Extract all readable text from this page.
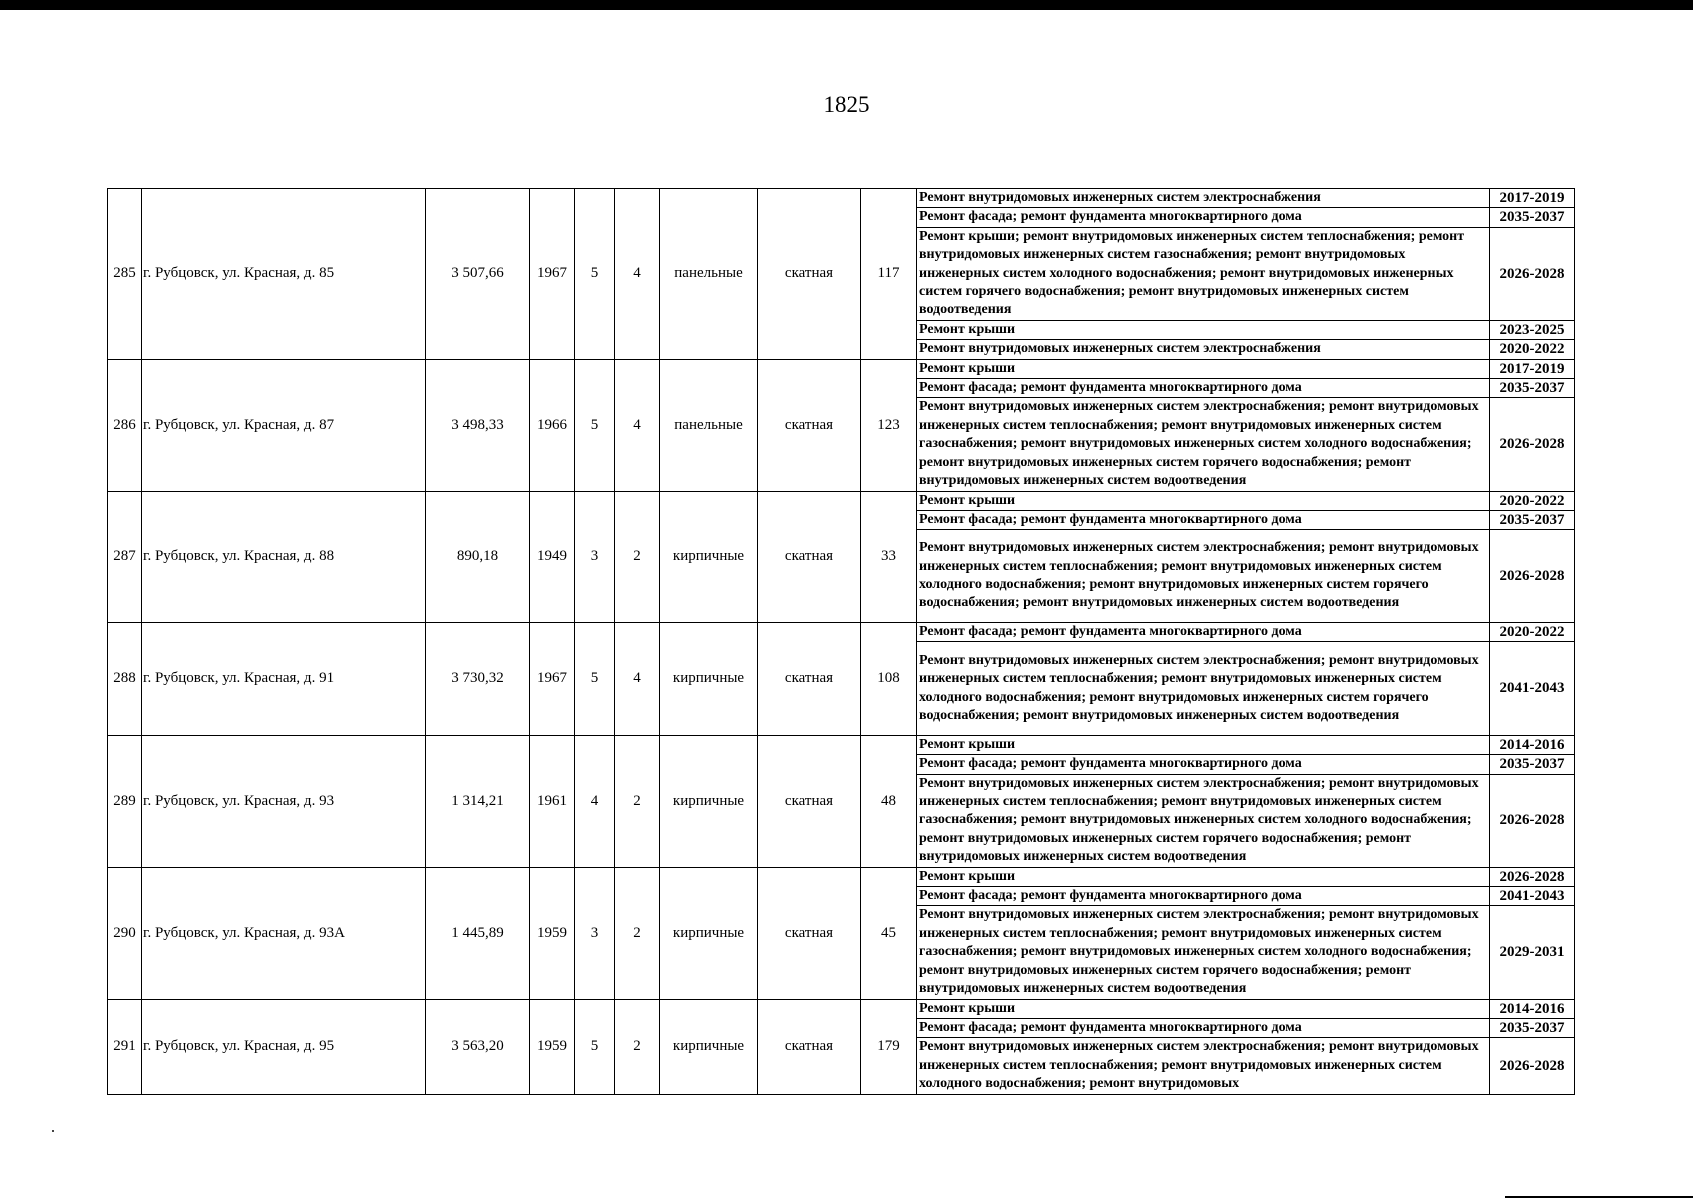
1825
285	г. Рубцовск, ул. Красная, д. 85	3 507,66	1967	5	4	панельные	скатная	117	
Ремонт внутридомовых инженерных систем электроснабжения	2017-2019
Ремонт фасада; ремонт фундамента многоквартирного дома	2035-2037
Ремонт крыши; ремонт внутридомовых инженерных систем теплоснабжения; ремонт внутридомовых инженерных систем газоснабжения; ремонт внутридомовых инженерных систем холодного водоснабжения; ремонт внутридомовых инженерных систем горячего водоснабжения; ремонт внутридомовых инженерных систем водоотведения	2026-2028
Ремонт крыши	2023-2025
Ремонт внутридомовых инженерных систем электроснабжения	2020-2022

286	г. Рубцовск, ул. Красная, д. 87	3 498,33	1966	5	4	панельные	скатная	123	
Ремонт крыши	2017-2019
Ремонт фасада; ремонт фундамента многоквартирного дома	2035-2037
Ремонт внутридомовых инженерных систем электроснабжения; ремонт внутридомовых инженерных систем теплоснабжения; ремонт внутридомовых инженерных систем газоснабжения; ремонт внутридомовых инженерных систем холодного водоснабжения; ремонт внутридомовых инженерных систем горячего водоснабжения; ремонт внутридомовых инженерных систем водоотведения	2026-2028

287	г. Рубцовск, ул. Красная, д. 88	890,18	1949	3	2	кирпичные	скатная	33	
Ремонт крыши	2020-2022
Ремонт фасада; ремонт фундамента многоквартирного дома	2035-2037
Ремонт внутридомовых инженерных систем электроснабжения; ремонт внутридомовых инженерных систем теплоснабжения; ремонт внутридомовых инженерных систем холодного водоснабжения; ремонт внутридомовых инженерных систем горячего водоснабжения; ремонт внутридомовых инженерных систем водоотведения	2026-2028

288	г. Рубцовск, ул. Красная, д. 91	3 730,32	1967	5	4	кирпичные	скатная	108	
Ремонт фасада; ремонт фундамента многоквартирного дома	2020-2022
Ремонт внутридомовых инженерных систем электроснабжения; ремонт внутридомовых инженерных систем теплоснабжения; ремонт внутридомовых инженерных систем холодного водоснабжения; ремонт внутридомовых инженерных систем горячего водоснабжения; ремонт внутридомовых инженерных систем водоотведения	2041-2043

289	г. Рубцовск, ул. Красная, д. 93	1 314,21	1961	4	2	кирпичные	скатная	48	
Ремонт крыши	2014-2016
Ремонт фасада; ремонт фундамента многоквартирного дома	2035-2037
Ремонт внутридомовых инженерных систем электроснабжения; ремонт внутридомовых инженерных систем теплоснабжения; ремонт внутридомовых инженерных систем газоснабжения; ремонт внутридомовых инженерных систем холодного водоснабжения; ремонт внутридомовых инженерных систем горячего водоснабжения; ремонт внутридомовых инженерных систем водоотведения	2026-2028

290	г. Рубцовск, ул. Красная, д. 93А	1 445,89	1959	3	2	кирпичные	скатная	45	
Ремонт крыши	2026-2028
Ремонт фасада; ремонт фундамента многоквартирного дома	2041-2043
Ремонт внутридомовых инженерных систем электроснабжения; ремонт внутридомовых инженерных систем теплоснабжения; ремонт внутридомовых инженерных систем газоснабжения; ремонт внутридомовых инженерных систем холодного водоснабжения; ремонт внутридомовых инженерных систем горячего водоснабжения; ремонт внутридомовых инженерных систем водоотведения	2029-2031

291	г. Рубцовск, ул. Красная, д. 95	3 563,20	1959	5	2	кирпичные	скатная	179	
Ремонт крыши	2014-2016
Ремонт фасада; ремонт фундамента многоквартирного дома	2035-2037
Ремонт внутридомовых инженерных систем электроснабжения; ремонт внутридомовых инженерных систем теплоснабжения; ремонт внутридомовых инженерных систем холодного водоснабжения; ремонт внутридомовых	2026-2028
